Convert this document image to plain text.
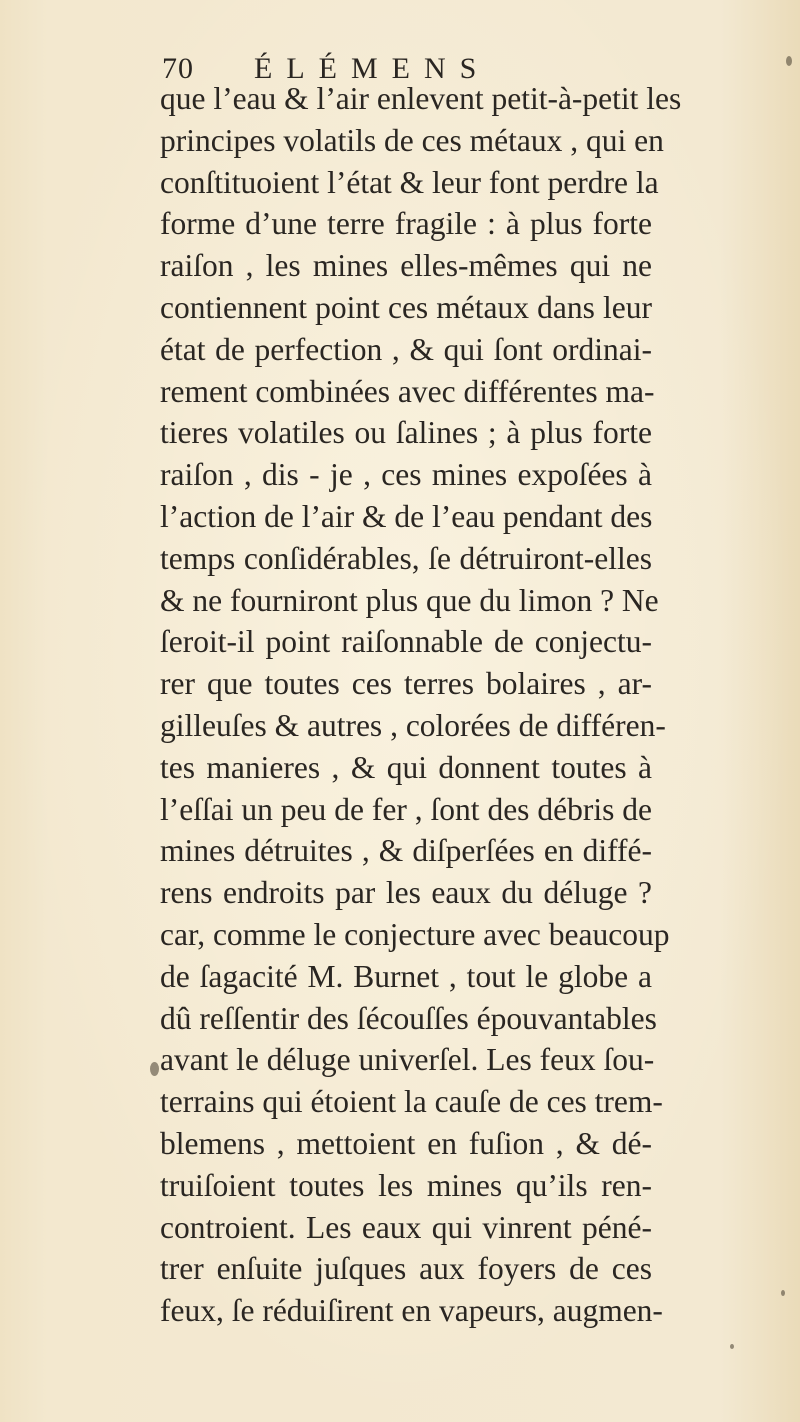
70 ÉLÉMENS
que l’eau & l’air enlevent petit-à-petit les
principes volatils de ces métaux , qui en
conſtituoient l’état & leur font perdre la
forme d’une terre fragile : à plus forte
raiſon , les mines elles-mêmes qui ne
contiennent point ces métaux dans leur
état de perfection , & qui ſont ordinai-
rement combinées avec différentes ma-
tieres volatiles ou ſalines ; à plus forte
raiſon , dis - je , ces mines expoſées à
l’action de l’air & de l’eau pendant des
temps conſidérables, ſe détruiront-elles
& ne fourniront plus que du limon ? Ne
ſeroit-il point raiſonnable de conjectu-
rer que toutes ces terres bolaires , ar-
gilleuſes & autres , colorées de différen-
tes manieres , & qui donnent toutes à
l’eſſai un peu de fer , ſont des débris de
mines détruites , & diſperſées en diffé-
rens endroits par les eaux du déluge ?
car, comme le conjecture avec beaucoup
de ſagacité M. Burnet , tout le globe a
dû reſſentir des ſécouſſes épouvantables
avant le déluge univerſel. Les feux ſou-
terrains qui étoient la cauſe de ces trem-
blemens , mettoient en fuſion , & dé-
truiſoient toutes les mines qu’ils ren-
controient. Les eaux qui vinrent péné-
trer enſuite juſques aux foyers de ces
feux, ſe réduiſirent en vapeurs, augmen-
